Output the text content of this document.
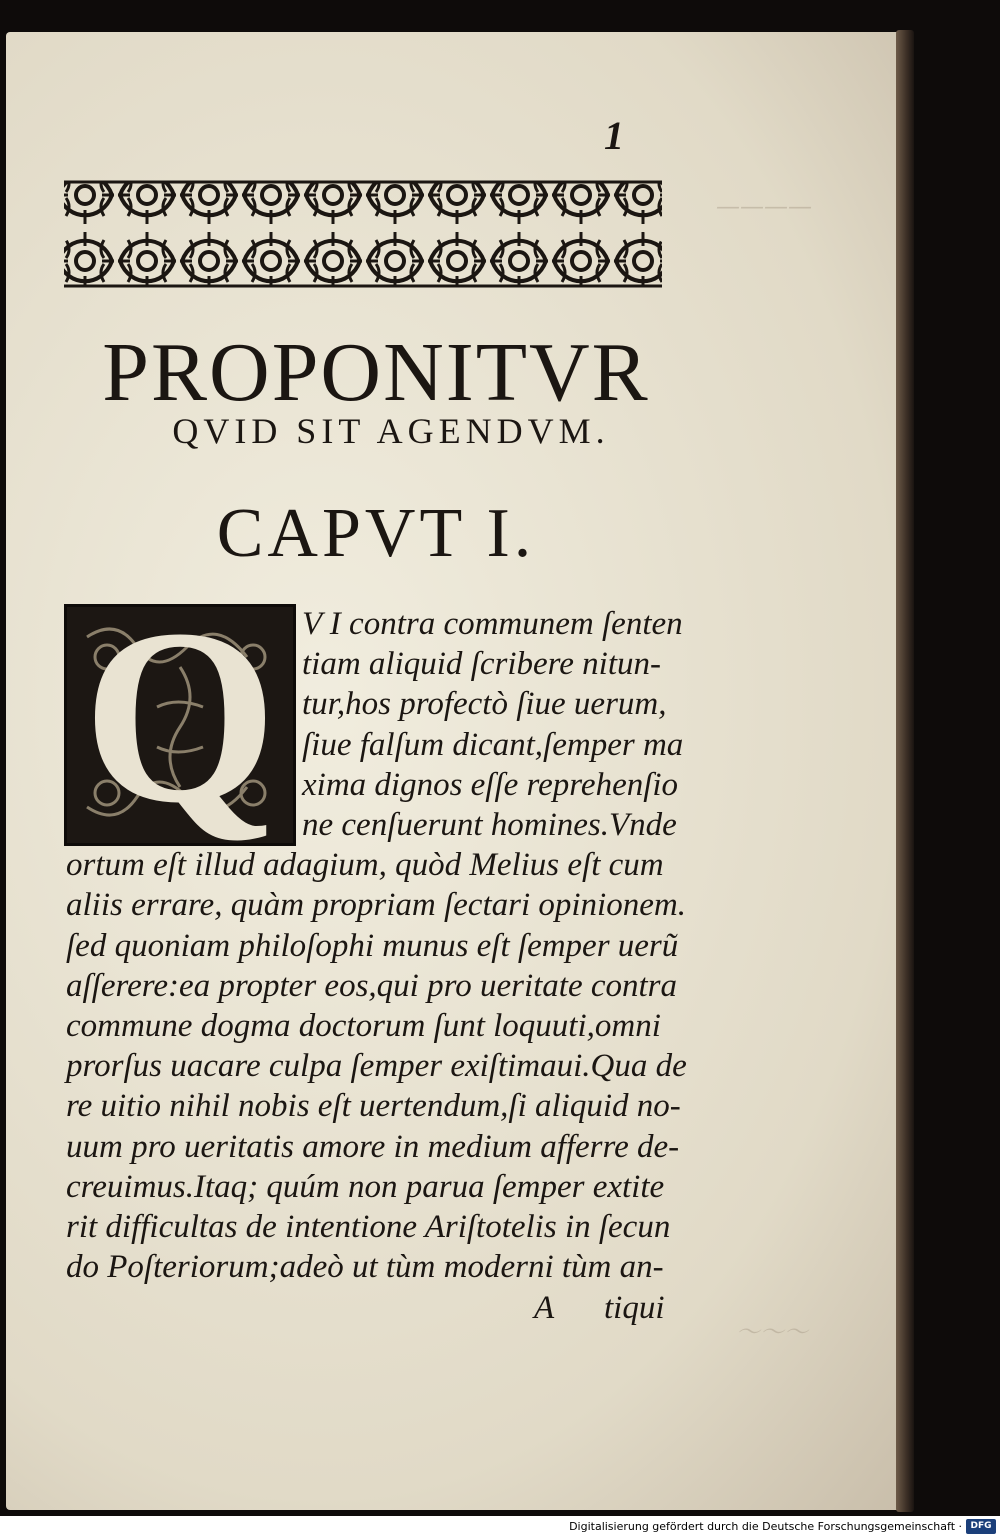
————
～～～
1
PROPONITVR
QVID SIT AGENDVM.
CAPVT I.
Q V I contra communem ſenten
tiam aliquid ſcribere nitun-
tur,hos profectò ſiue uerum,
ſiue falſum dicant,ſemper ma
xima dignos eſſe reprehenſio
ne cenſuerunt homines.Vnde
ortum eſt illud adagium, quòd Melius eſt cum
aliis errare, quàm propriam ſectari opinionem.
ſed quoniam philoſophi munus eſt ſemper uerũ
aſſerere:ea propter eos,qui pro ueritate contra
commune dogma doctorum ſunt loquuti,omni
prorſus uacare culpa ſemper exiſtimaui.Qua de
re uitio nihil nobis eſt uertendum,ſi aliquid no-
uum pro ueritatis amore in medium afferre de-
creuimus.Itaq; quúm non parua ſemper extite
rit difficultas de intentione Ariſtotelis in ſecun
do Poſteriorum;adeò ut tùm moderni tùm an-
A tiqui
Digitalisierung gefördert durch die Deutsche Forschungsgemeinschaft · DFG
